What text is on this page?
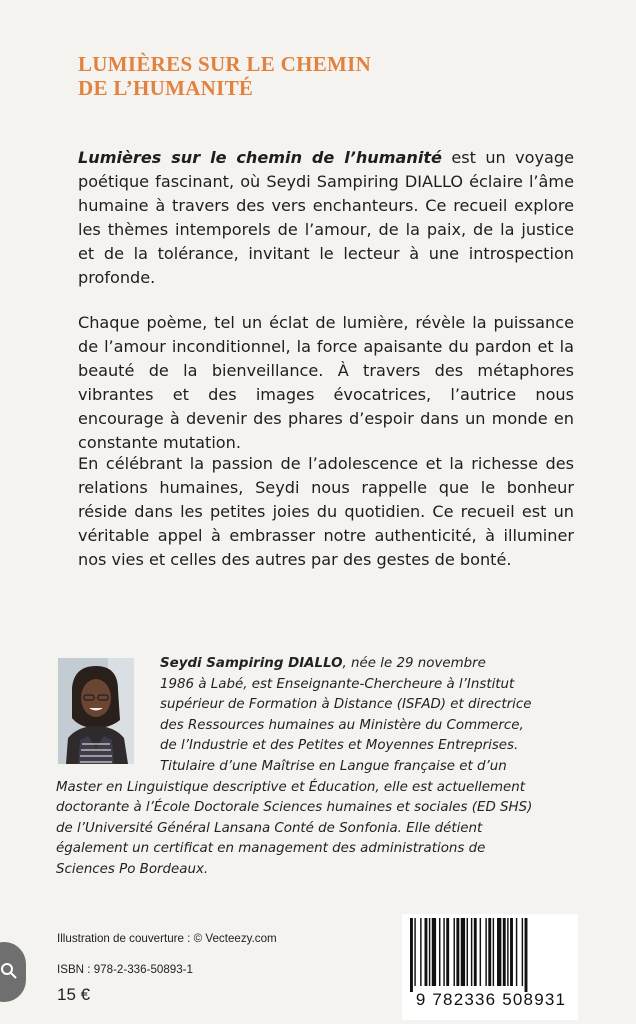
LUMIÈRES SUR LE CHEMIN
DE L’HUMANITÉ

Lumières sur le chemin de l’humanité est un voyage poétique fascinant, où Seydi Sampiring DIALLO éclaire l’âme humaine à travers des vers enchanteurs. Ce recueil explore les thèmes intemporels de l’amour, de la paix, de la justice et de la tolérance, invitant le lecteur à une introspection profonde.

Chaque poème, tel un éclat de lumière, révèle la puissance de l’amour inconditionnel, la force apaisante du pardon et la beauté de la bienveillance. À travers des métaphores vibrantes et des images évocatrices, l’autrice nous encourage à devenir des phares d’espoir dans un monde en constante mutation.

En célébrant la passion de l’adolescence et la richesse des relations humaines, Seydi nous rappelle que le bonheur réside dans les petites joies du quotidien. Ce recueil est un véritable appel à embrasser notre authenticité, à illuminer nos vies et celles des autres par des gestes de bonté.

Seydi Sampiring DIALLO, née le 29 novembre
1986 à Labé, est Enseignante-Chercheure à l’Institut
supérieur de Formation à Distance (ISFAD) et directrice
des Ressources humaines au Ministère du Commerce,
de l’Industrie et des Petites et Moyennes Entreprises.
Titulaire d’une Maîtrise en Langue française et d’un
Master en Linguistique descriptive et Éducation, elle est actuellement
doctorante à l’École Doctorale Sciences humaines et sociales (ED SHS)
de l’Université Général Lansana Conté de Sonfonia. Elle détient
également un certificat en management des administrations de
Sciences Po Bordeaux.

Illustration de couverture : © Vecteezy.com
ISBN : 978-2-336-50893-1
15 €	9 782336 508931
